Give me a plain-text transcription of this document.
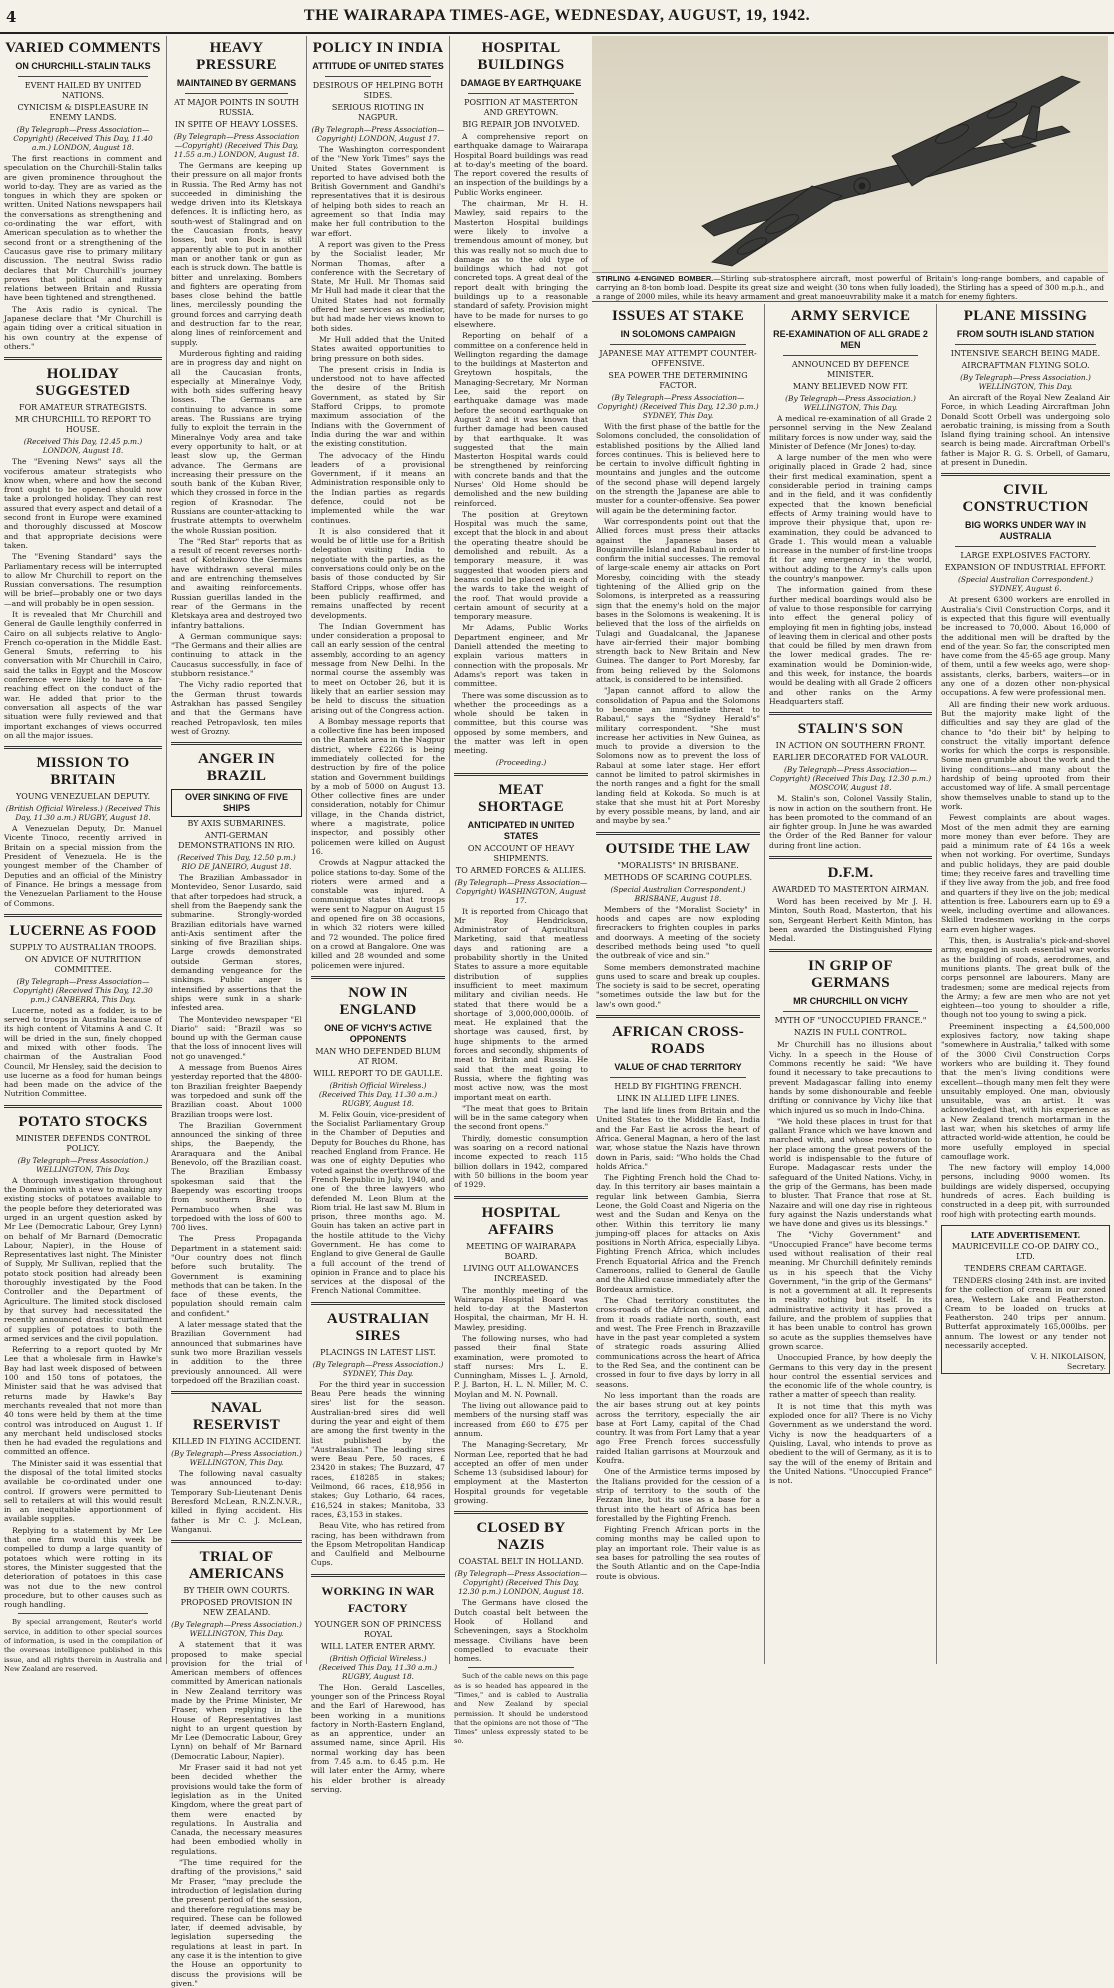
4	THE WAIRARAPA TIMES-AGE, WEDNESDAY, AUGUST, 19, 1942.
VARIED COMMENTS
ON CHURCHILL-STALIN TALKS
EVENT HAILED BY UNITED NATIONS.
CYNICISM & DISPLEASURE IN ENEMY LANDS.
(By Telegraph—Press Association—Copyright) (Received This Day, 11.40 a.m.) LONDON, August 18.

The first reactions in comment and speculation on the Churchill-Stalin talks are given prominence throughout the world to-day. They are as varied as the tongues in which they are spoken or written. United Nations newspapers hail the conversations as strengthening and co-ordinating the war effort, with American speculation as to whether the second front or a strengthening of the Caucasus gave rise to primary military discussion. The neutral Swiss radio declares that Mr Churchill's journey proves that political and military relations between Britain and Russia have been tightened and strengthened.

The Axis radio is cynical. The Japanese declare that "Mr Churchill is again tiding over a critical situation in his own country at the expense of others."

HOLIDAY SUGGESTED
FOR AMATEUR STRATEGISTS.
MR CHURCHILL TO REPORT TO HOUSE.
(Received This Day, 12.45 p.m.) LONDON, August 18.

The "Evening News" says all the vociferous amateur strategists who know when, where and how the second front ought to be opened should now take a prolonged holiday. They can rest assured that every aspect and detail of a second front in Europe were examined and thoroughly discussed at Moscow and that appropriate decisions were taken.

The "Evening Standard" says the Parliamentary recess will be interrupted to allow Mr Churchill to report on the Russian conversations. The resumption will be brief—probably one or two days—and will probably be in open session.

It is revealed that Mr Churchill and General de Gaulle lengthily conferred in Cairo on all subjects relative to Anglo-French co-operation in the Middle East. General Smuts, referring to his conversation with Mr Churchill in Cairo, said the talks in Egypt and the Moscow conference were likely to have a far-reaching effect on the conduct of the war. He added that prior to the conversation all aspects of the war situation were fully reviewed and that important exchanges of views occurred on all the major issues.

MISSION TO BRITAIN
YOUNG VENEZUELAN DEPUTY.
(British Official Wireless.) (Received This Day, 11.30 a.m.) RUGBY, August 18.

A Venezuelan Deputy, Dr. Manuel Vicente Tinoco, recently arrived in Britain on a special mission from the President of Venezuela. He is the youngest member of the Chamber of Deputies and an official of the Ministry of Finance. He brings a message from the Venezuelan Parliament to the House of Commons.

LUCERNE AS FOOD
SUPPLY TO AUSTRALIAN TROOPS.
ON ADVICE OF NUTRITION COMMITTEE.
(By Telegraph—Press Association—Copyright) (Received This Day, 12.30 p.m.) CANBERRA, This Day.

Lucerne, noted as a fodder, is to be served to troops in Australia because of its high content of Vitamins A and C. It will be dried in the sun, finely chopped and mixed with other foods. The chairman of the Australian Food Council, Mr Hensley, said the decision to use lucerne as a food for human beings had been made on the advice of the Nutrition Committee.

POTATO STOCKS
MINISTER DEFENDS CONTROL POLICY.
(By Telegraph—Press Association.) WELLINGTON, This Day.

A thorough investigation throughout the Dominion with a view to making any existing stocks of potatoes available to the people before they deteriorated was urged in an urgent question asked by Mr Lee (Democratic Labour, Grey Lynn) on behalf of Mr Barnard (Democratic Labour, Napier), in the House of Representatives last night. The Minister of Supply, Mr Sullivan, replied that the potato stock position had already been thoroughly investigated by the Food Controller and the Department of Agriculture. The limited stock disclosed by that survey had necessitated the recently announced drastic curtailment of supplies of potatoes to both the armed services and the civil population.

Referring to a report quoted by Mr Lee that a wholesale firm in Hawke's Bay had last week disposed of between 100 and 150 tons of potatoes, the Minister said that he was advised that returns made by Hawke's Bay merchants revealed that not more than 40 tons were held by them at the time control was introduced on August 1. If any merchant held undisclosed stocks then he had evaded the regulations and committed an offence.

The Minister said it was essential that the disposal of the total limited stocks available be co-ordinated under one control. If growers were permitted to sell to retailers at will this would result in an inequitable apportionment of available supplies.

Replying to a statement by Mr Lee that one firm would this week be compelled to dump a large quantity of potatoes which were rotting in its stores, the Minister suggested that the deterioration of potatoes in this case was not due to the new control procedure, but to other causes such as rough handling.

By special arrangement, Reuter's world service, in addition to other special sources of information, is used in the compilation of the overseas intelligence published in this issue, and all rights therein in Australia and New Zealand are reserved.

HEAVY PRESSURE
MAINTAINED BY GERMANS
AT MAJOR POINTS IN SOUTH RUSSIA.
IN SPITE OF HEAVY LOSSES.
(By Telegraph—Press Association—Copyright) (Received This Day, 11.55 a.m.) LONDON, August 18.

The Germans are keeping up their pressure on all major fronts in Russia. The Red Army has not succeeded in diminishing the wedge driven into its Kletskaya defences. It is inflicting hero, as south-west of Stalingrad and on the Caucasian fronts, heavy losses, but von Bock is still apparently able to put in another man or another tank or gun as each is struck down. The battle is bitter and unrelaxing. Bombers and fighters are operating from bases close behind the battle lines, mercilessly pounding the ground forces and carrying death and destruction far to the rear, along lines of reinforcement and supply.

Murderous fighting and raiding are in progress day and night on all the Caucasian fronts, especially at Mineralnye Vody, with both sides suffering heavy losses. The Germans are continuing to advance in some areas. The Russians are trying fully to exploit the terrain in the Mineralnye Vody area and take every opportunity to halt, or at least slow up, the German advance. The Germans are increasing their pressure on the south bank of the Kuban River, which they crossed in force in the region of Krasnodar. The Russians are counter-attacking to frustrate attempts to overwhelm the whole Russian position.

The "Red Star" reports that as a result of recent reverses north-east of Kotelnikovo the Germans have withdrawn several miles and are entrenching themselves and awaiting reinforcements. Russian guerillas landed in the rear of the Germans in the Kletskaya area and destroyed two infantry battalions.

A German communique says: "The Germans and their allies are continuing to attack in the Caucasus successfully, in face of stubborn resistance."

The Vichy radio reported that the German thrust towards Astrakhan has passed Sengiley and that the Germans have reached Petropavlosk, ten miles west of Grozny.

ANGER IN BRAZIL
OVER SINKING OF FIVE SHIPS
BY AXIS SUBMARINES.
ANTI-GERMAN DEMONSTRATIONS IN RIO.
(Received This Day, 12.50 p.m.) RIO DE JANEIRO, August 18.

The Brazilian Ambassador in Montevideo, Senor Lusardo, said that after torpedoes had struck, a shell from the Baependy sank the submarine. Strongly-worded Brazilian editorials have warned anti-Axis sentiment after the sinking of five Brazilian ships. Large crowds demonstrated outside German stores, demanding vengeance for the sinkings. Public anger is intensified by assertions that the ships were sunk in a shark-infested area.

The Montevideo newspaper "El Diario" said: "Brazil was so bound up with the German cause that the loss of innocent lives will not go unavenged."

A message from Buenos Aires yesterday reported that the 4800-ton Brazilian freighter Baependy was torpedoed and sunk off the Brazilian coast. About 1000 Brazilian troops were lost.

The Brazilian Government announced the sinking of three ships, the Baependy, the Araraquara and the Anibal Benevolo, off the Brazilian coast. The Brazilian Embassy spokesman said that the Baependy was escorting troops from southern Brazil to Pernambuco when she was torpedoed with the loss of 600 to 700 lives.

The Press Propaganda Department in a statement said: "Our country does not flinch before such brutality. The Government is examining methods that can be taken. In the face of these events, the population should remain calm and confident."

A later message stated that the Brazilian Government had announced that submarines have sunk two more Brazilian vessels in addition to the three previously announced. All were torpedoed off the Brazilian coast.

NAVAL RESERVIST
KILLED IN FLYING ACCIDENT.
(By Telegraph—Press Association.) WELLINGTON, This Day.

The following naval casualty was announced to-day: Temporary Sub-Lieutenant Denis Beresford McLean, R.N.Z.N.V.R., killed in flying accident. His father is Mr C. J. McLean, Wanganui.

TRIAL OF AMERICANS
BY THEIR OWN COURTS.
PROPOSED PROVISION IN NEW ZEALAND.
(By Telegraph—Press Association.) WELLINGTON, This Day.

A statement that it was proposed to make special provision for the trial of American members of offences committed by American nationals in New Zealand territory was made by the Prime Minister, Mr Fraser, when replying in the House of Representatives last night to an urgent question by Mr Lee (Democratic Labour, Grey Lynn) on behalf of Mr Barnard (Democratic Labour, Napier).

Mr Fraser said it had not yet been decided whether the provisions would take the form of legislation as in the United Kingdom, where the great part of them were enacted by regulations. In Australia and Canada, the necessary measures had been embodied wholly in regulations.

"The time required for the drafting of the provisions," said Mr Fraser, "may preclude the introduction of legislation during the present period of the session, and therefore regulations may be required. These can be followed later, if deemed advisable, by legislation superseding the regulations at least in part. In any case it is the intention to give the House an opportunity to discuss the provisions will be given."

POLICY IN INDIA
ATTITUDE OF UNITED STATES
DESIROUS OF HELPING BOTH SIDES.
SERIOUS RIOTING IN NAGPUR.
(By Telegraph—Press Association—Copyright) LONDON, August 17.

The Washington correspondent of the "New York Times" says the United States Government is reported to have advised both the British Government and Gandhi's representatives that it is desirous of helping both sides to reach an agreement so that India may make her full contribution to the war effort.

A report was given to the Press by the Socialist leader, Mr Norman Thomas, after a conference with the Secretary of State, Mr Hull. Mr Thomas said Mr Hull had made it clear that the United States had not formally offered her services as mediator, but had made her views known to both sides.

Mr Hull added that the United States awaited opportunities to bring pressure on both sides.

The present crisis in India is understood not to have affected the desire of the British Government, as stated by Sir Stafford Cripps, to promote maximum association of the Indians with the Government of India during the war and within the existing constitution.

The advocacy of the Hindu leaders of a provisional Government, if it means an Administration responsible only to the Indian parties as regards defence, could not be implemented while the war continues.

It is also considered that it would be of little use for a British delegation visiting India to negotiate with the parties, as the conversations could only be on the basis of those conducted by Sir Stafford Cripps, whose offer has been publicly reaffirmed, and remains unaffected by recent developments.

The Indian Government has under consideration a proposal to call an early session of the central assembly, according to an agency message from New Delhi. In the normal course the assembly was to meet on October 26, but it is likely that an earlier session may be held to discuss the situation arising out of the Congress action.

A Bombay message reports that a collective fine has been imposed on the Ramtek area in the Nagpur district, where £2266 is being immediately collected for the destruction by fire of the police station and Government buildings by a mob of 5000 on August 13. Other collective fines are under consideration, notably for Chimur village, in the Chanda district, where a magistrate, police inspector, and possibly other policemen were killed on August 16.

Crowds at Nagpur attacked the police stations to-day. Some of the rioters were armed and a constable was injured. A communique states that troops were sent to Nagpur on August 15 and opened fire on 38 occasions, in which 32 rioters were killed and 72 wounded. The police fired on a crowd at Bangalore. One was killed and 28 wounded and some policemen were injured.

NOW IN ENGLAND
ONE OF VICHY'S ACTIVE OPPONENTS
MAN WHO DEFENDED BLUM AT RIOM.
WILL REPORT TO DE GAULLE.
(British Official Wireless.) (Received This Day, 11.30 a.m.) RUGBY, August 18.

M. Felix Gouin, vice-president of the Socialist Parliamentary Group in the Chamber of Deputies and Deputy for Bouches du Rhone, has reached England from France. He was one of eighty Deputies who voted against the overthrow of the French Republic in July, 1940, and one of the three lawyers who defended M. Leon Blum at the Riom trial. He last saw M. Blum in prison, three months ago. M. Gouin has taken an active part in the hostile attitude to the Vichy Government. He has come to England to give General de Gaulle a full account of the trend of opinion in France and to place his services at the disposal of the French National Committee.

AUSTRALIAN SIRES
PLACINGS IN LATEST LIST.
(By Telegraph—Press Association.) SYDNEY, This Day.

For the third year in succession Beau Pere heads the winning sires' list for the season. Australian-bred sires did well during the year and eight of them are among the first twenty in the list published by the "Australasian." The leading sires were Beau Pere, 50 races, £ 23420 in stakes; The Buzzard, 47 races, £18285 in stakes; Veilmond, 66 races, £18,956 in stakes; Guy Lothario, 64 races, £16,524 in stakes; Manitoba, 33 races, £3,153 in stakes.

Beau Vite, who has retired from racing, has been withdrawn from the Epsom Metropolitan Handicap and Caulfield and Melbourne Cups.

WORKING IN WAR FACTORY
YOUNGER SON OF PRINCESS ROYAL
WILL LATER ENTER ARMY.
(British Official Wireless.) (Received This Day, 11.30 a.m.) RUGBY, August 18.

The Hon. Gerald Lascelles, younger son of the Princess Royal and the Earl of Harewood, has been working in a munitions factory in North-Eastern England, as an apprentice, under an assumed name, since April. His normal working day has been from 7.45 a.m. to 6.45 p.m. He will later enter the Army, where his elder brother is already serving.

HOSPITAL BUILDINGS
DAMAGE BY EARTHQUAKE
POSITION AT MASTERTON AND GREYTOWN.
BIG REPAIR JOB INVOLVED.

A comprehensive report on earthquake damage to Wairarapa Hospital Board buildings was read at to-day's meeting of the board. The report covered the results of an inspection of the buildings by a Public Works engineer.

The chairman, Mr H. H. Mawley, said repairs to the Masterton Hospital buildings were likely to involve a tremendous amount of money, but this was really not so much due to damage as to the old type of buildings which had not got concreted tops. A great deal of the report dealt with bringing the buildings up to a reasonable standard of safety. Provision might have to be made for nurses to go elsewhere.

Reporting on behalf of a committee on a conference held in Wellington regarding the damage to the buildings at Masterton and Greytown hospitals, the Managing-Secretary, Mr Norman Lee, said the report on earthquake damage was made before the second earthquake on August 2 and it was known that further damage had been caused by that earthquake. It was suggested that the main Masterton Hospital wards could be strengthened by reinforcing with concrete bands and that the Nurses' Old Home should be demolished and the new building reinforced.

The position at Greytown Hospital was much the same, except that the block in and about the operating theatre should be demolished and rebuilt. As a temporary measure, it was suggested that wooden piers and beams could be placed in each of the wards to take the weight of the roof. That would provide a certain amount of security at a temporary measure.

Mr Adams, Public Works Department engineer, and Mr Daniell attended the meeting to explain various matters in connection with the proposals. Mr Adams's report was taken in committee.

There was some discussion as to whether the proceedings as a whole should be taken in committee, but this course was opposed by some members, and the matter was left in open meeting.

(Proceeding.)
MEAT SHORTAGE
ANTICIPATED IN UNITED STATES
ON ACCOUNT OF HEAVY SHIPMENTS.
TO ARMED FORCES & ALLIES.
(By Telegraph—Press Association—Copyright) WASHINGTON, August 17.

It is reported from Chicago that Mr Roy Hendrickson, Administrator of Agricultural Marketing, said that meatless days and rationing are a probability shortly in the United States to assure a more equitable distribution of supplies insufficient to meet maximum military and civilian needs. He stated that there would be a shortage of 3,000,000,000lb. of meat. He explained that the shortage was caused, first, by huge shipments to the armed forces and secondly, shipments of meat to Britain and Russia. He said that the meat going to Russia, where the fighting was most active now, was the most important meat on earth.

"The meat that goes to Britain will be in the same category when the second front opens."

Thirdly, domestic consumption was soaring on a record national income expected to reach 115 billion dollars in 1942, compared with 50 billions in the boom year of 1929.

HOSPITAL AFFAIRS
MEETING OF WAIRARAPA BOARD.
LIVING OUT ALLOWANCES INCREASED.

The monthly meeting of the Wairarapa Hospital Board was held to-day at the Masterton Hospital, the chairman, Mr H. H. Mawley, presiding.

The following nurses, who had passed their final State examination, were promoted to staff nurses: Mrs L. E. Cunningham, Misses L. J. Arnold, P. J. Barton, H. L. N. Miller, M. C. Moylan and M. N. Pownall.

The living out allowance paid to members of the nursing staff was increased from £60 to £75 per annum.

The Managing-Secretary, Mr Norman Lee, reported that he had accepted an offer of men under Scheme 13 (subsidised labour) for employment at the Masterton Hospital grounds for vegetable growing.

CLOSED BY NAZIS
COASTAL BELT IN HOLLAND.
(By Telegraph—Press Association—Copyright) (Received This Day, 12.30 p.m.) LONDON, August 18.

The Germans have closed the Dutch coastal belt between the Hook of Holland and Scheveningen, says a Stockholm message. Civilians have been compelled to evacuate their homes.

Such of the cable news on this page as is so headed has appeared in the "Times," and is cabled to Australia and New Zealand by special permission. It should be understood that the opinions are not those of "The Times" unless expressly stated to be so.

STIRLING 4-ENGINED BOMBER.—Stirling sub-stratosphere aircraft, most powerful of Britain's long-range bombers, and capable of carrying an 8-ton bomb load. Despite its great size and weight (30 tons when fully loaded), the Stirling has a speed of 300 m.p.h., and a range of 2000 miles, while its heavy armament and great manoeuvrability make it a match for enemy fighters.
ISSUES AT STAKE
IN SOLOMONS CAMPAIGN
JAPANESE MAY ATTEMPT COUNTER-OFFENSIVE.
SEA POWER THE DETERMINING FACTOR.
(By Telegraph—Press Association—Copyright) (Received This Day, 12.30 p.m.) SYDNEY, This Day.

With the first phase of the battle for the Solomons concluded, the consolidation of established positions by the Allied land forces continues. This is believed here to be certain to involve difficult fighting in mountains and jungles and the outcome of the second phase will depend largely on the strength the Japanese are able to muster for a counter-offensive. Sea power will again be the determining factor.

War correspondents point out that the Allied forces must press their attacks against the Japanese bases at Bougainville Island and Rabaul in order to confirm the initial successes. The removal of large-scale enemy air attacks on Port Moresby, coinciding with the steady tightening of the Allied grip on the Solomons, is interpreted as a reassuring sign that the enemy's hold on the major bases in the Solomons is weakening. It is believed that the loss of the airfields on Tulagi and Guadalcanal, the Japanese have air-ferried their major bombing strength back to New Britain and New Guinea. The danger to Port Moresby, far from being relieved by the Solomons attack, is considered to be intensified.

"Japan cannot afford to allow the consolidation of Papua and the Solomons to become an immediate threat to Rabaul," says the "Sydney Herald's" military correspondent. "She must increase her activities in New Guinea, as much to provide a diversion to the Solomons now as to prevent the loss of Rabaul at some later stage. Her effort cannot be limited to patrol skirmishes in the north ranges and a fight for the small landing field at Kokoda. So much is at stake that she must hit at Port Moresby by every possible means, by land, and air and maybe by sea."

OUTSIDE THE LAW
"MORALISTS" IN BRISBANE.
METHODS OF SCARING COUPLES.
(Special Australian Correspondent.) BRISBANE, August 18.

Members of the "Moralist Society" in hoods and capes are now exploding firecrackers to frighten couples in parks and doorways. A meeting of the society described methods being used "to quell the outbreak of vice and sin."

Some members demonstrated machine guns used to scare and break up couples. The society is said to be secret, operating "sometimes outside the law but for the law's own good."

AFRICAN CROSS-ROADS
VALUE OF CHAD TERRITORY
HELD BY FIGHTING FRENCH.
LINK IN ALLIED LIFE LINES.

The land life lines from Britain and the United States to the Middle East, India and the Far East lie across the heart of Africa. General Magnan, a hero of the last war, whose statue the Nazis have thrown down in Paris, said: "Who holds the Chad holds Africa."

The Fighting French hold the Chad to-day. In this territory air bases maintain a regular link between Gambia, Sierra Leone, the Gold Coast and Nigeria on the west and the Sudan and Kenya on the other. Within this territory lie many jumping-off places for attacks on Axis positions in North Africa, especially Libya. Fighting French Africa, which includes French Equatorial Africa and the French Cameroons, rallied to General de Gaulle and the Allied cause immediately after the Bordeaux armistice.

The Chad territory constitutes the cross-roads of the African continent, and from it roads radiate north, south, east and west. The Free French in Brazzaville have in the past year completed a system of strategic roads assuring Allied communications across the heart of Africa to the Red Sea, and the continent can be crossed in four to five days by lorry in all seasons.

No less important than the roads are the air bases strung out at key points across the territory, especially the air base at Fort Lamy, capital of the Chad country. It was from Fort Lamy that a year ago Free French forces successfully raided Italian garrisons at Mourzouk and Koufra.

One of the Armistice terms imposed by the Italians provided for the cession of a strip of territory to the south of the Fezzan line, but its use as a base for a thrust into the heart of Africa has been forestalled by the Fighting French.

Fighting French African ports in the coming months may be called upon to play an important role. Their value is as sea bases for patrolling the sea routes of the South Atlantic and on the Cape-India route is obvious.

ARMY SERVICE
RE-EXAMINATION OF ALL GRADE 2 MEN
ANNOUNCED BY DEFENCE MINISTER.
MANY BELIEVED NOW FIT.
(By Telegraph—Press Association.) WELLINGTON, This Day.

A medical re-examination of all Grade 2 personnel serving in the New Zealand military forces is now under way, said the Minister of Defence (Mr Jones) to-day.

A large number of the men who were originally placed in Grade 2 had, since their first medical examination, spent a considerable period in training camps and in the field, and it was confidently expected that the known beneficial effects of Army training would have to improve their physique that, upon re-examination, they could be advanced to Grade 1. This would mean a valuable increase in the number of first-line troops fit for any emergency in the world, without adding to the Army's calls upon the country's manpower.

The information gained from these further medical boardings would also be of value to those responsible for carrying into effect the general policy of employing fit men in fighting jobs, instead of leaving them in clerical and other posts that could be filled by men drawn from the lower medical grades. The re-examination would be Dominion-wide, and this week, for instance, the boards would be dealing with all Grade 2 officers and other ranks on the Army Headquarters staff.

STALIN'S SON
IN ACTION ON SOUTHERN FRONT.
EARLIER DECORATED FOR VALOUR.
(By Telegraph—Press Association—Copyright) (Received This Day, 12.30 p.m.) MOSCOW, August 18.

M. Stalin's son, Colonel Vassily Stalin, is now in action on the southern front. He has been promoted to the command of an air fighter group. In June he was awarded the Order of the Red Banner for valour during front line action.

D.F.M.
AWARDED TO MASTERTON AIRMAN.

Word has been received by Mr J. H. Minton, South Road, Masterton, that his son, Sergeant Herbert Keith Minton, has been awarded the Distinguished Flying Medal.

IN GRIP OF GERMANS
MR CHURCHILL ON VICHY
MYTH OF "UNOCCUPIED FRANCE."
NAZIS IN FULL CONTROL.

Mr Churchill has no illusions about Vichy. In a speech in the House of Commons recently he said: "We have found it necessary to take precautions to prevent Madagascar falling into enemy hands by some dishonourable and feeble drifting or connivance by Vichy like that which injured us so much in Indo-China.

"We hold these places in trust for that gallant France which we have known and marched with, and whose restoration to her place among the great powers of the world is indispensable to the future of Europe. Madagascar rests under the safeguard of the United Nations. Vichy, in the grip of the Germans, has been made to bluster. That France that rose at St. Nazaire and will one day rise in righteous fury against the Nazis understands what we have done and gives us its blessings."

The "Vichy Government" and "Unoccupied France" have become terms used without realisation of their real meaning. Mr Churchill definitely reminds us in his speech that the Vichy Government, "in the grip of the Germans" is not a government at all. It represents in reality nothing but itself. In its administrative activity it has proved a failure, and the problem of supplies that it has been unable to control has grown so acute as the supplies themselves have grown scarce.

Unoccupied France, by how deeply the Germans to this very day in the present hour control the essential services and the economic life of the whole country, is rather a matter of speech than reality.

It is not time that this myth was exploded once for all? There is no Vichy Government as we understand the word. Vichy is now the headquarters of a Quisling, Laval, who intends to prove as obedient to the will of Germany, as it is to say the will of the enemy of Britain and the United Nations. "Unoccupied France" is not.

PLANE MISSING
FROM SOUTH ISLAND STATION
INTENSIVE SEARCH BEING MADE.
AIRCRAFTMAN FLYING SOLO.
(By Telegraph—Press Association.) WELLINGTON, This Day.

An aircraft of the Royal New Zealand Air Force, in which Leading Aircraftman John Donald Scott Orbell was undergoing solo aerobatic training, is missing from a South Island flying training school. An intensive search is being made. Aircraftman Orbell's father is Major R. G. S. Orbell, of Gamaru, at present in Dunedin.

CIVIL CONSTRUCTION
BIG WORKS UNDER WAY IN AUSTRALIA
LARGE EXPLOSIVES FACTORY.
EXPANSION OF INDUSTRIAL EFFORT.
(Special Australian Correspondent.) SYDNEY, August 6.

At present 6300 workers are enrolled in Australia's Civil Construction Corps, and it is expected that this figure will eventually be increased to 70,000. About 16,000 of the additional men will be drafted by the end of the year. So far, the conscripted men have come from the 45-65 age group. Many of them, until a few weeks ago, were shop-assistants, clerks, barbers, waiters—or in any one of a dozen other non-physical occupations. A few were professional men.

All are finding their new work arduous. But the majority make light of the difficulties and say they are glad of the chance to "do their bit" by helping to construct the vitally important defence works for which the corps is responsible. Some men grumble about the work and the living conditions—and many about the hardship of being uprooted from their accustomed way of life. A small percentage show themselves unable to stand up to the work.

Fewest complaints are about wages. Most of the men admit they are earning more money than ever before. They are paid a minimum rate of £4 16s a week when not working. For overtime, Sundays and public holidays, they are paid double time; they receive fares and travelling time if they live away from the job, and free food and quarters if they live on the job; medical attention is free. Labourers earn up to £9 a week, including overtime and allowances. Skilled tradesmen working in the corps earn even higher wages.

This, then, is Australia's pick-and-shovel army, engaged in such essential war works as the building of roads, aerodromes, and munitions plants. The great bulk of the corps personnel are labourers. Many are tradesmen; some are medical rejects from the Army; a few are men who are not yet eighteen—too young to shoulder a rifle, though not too young to swing a pick.

Preeminent inspecting a £4,500,000 explosives factory, now taking shape "somewhere in Australia," talked with some of the 3000 Civil Construction Corps workers who are building it. They found that the men's living conditions were excellent—though many men felt they were unsuitably employed. One man, obviously unsuitable, was an artist. It was acknowledged that, with his experience as a New Zealand trench mortarman in the last war, when his sketches of army life attracted world-wide attention, he could be more usefully employed in special camouflage work.

The new factory will employ 14,000 persons, including 9000 women. Its buildings are widely dispersed, occupying hundreds of acres. Each building is constructed in a deep pit, with surrounded roof high with protecting earth mounds.

LATE ADVERTISEMENT.
MAURICEVILLE CO-OP. DAIRY CO., LTD.
TENDERS CREAM CARTAGE.

TENDERS closing 24th inst. are invited for the collection of cream in our zoned area, Western Lake and Featherston. Cream to be loaded on trucks at Featherston. 240 trips per annum. Butterfat approximately 165,000lbs. per annum. The lowest or any tender not necessarily accepted.

V. H. NIKOLAISON,
Secretary.
